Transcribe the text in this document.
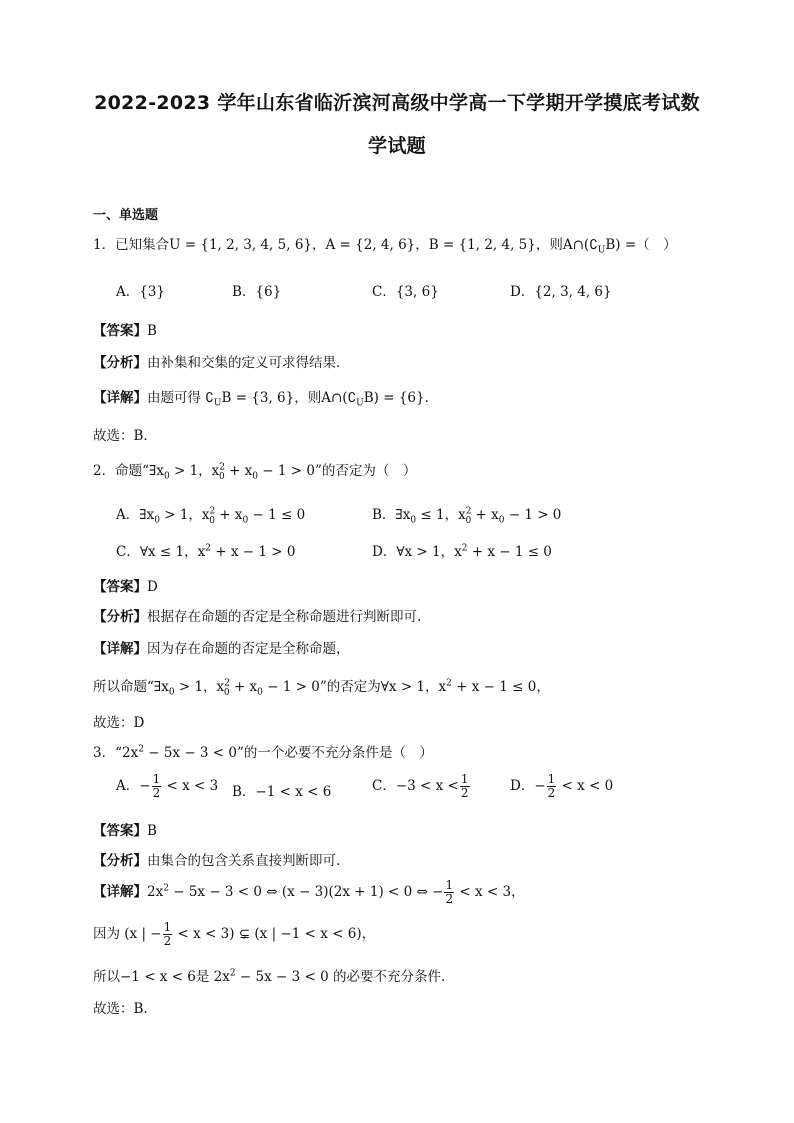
2022-2023 学年山东省临沂滨河高级中学高一下学期开学摸底考试数
学试题
一、单选题
1．已知集合U = {1, 2, 3, 4, 5, 6}，A = {2, 4, 6}，B = {1, 2, 4, 5}，则$A\cap(∁_UB)$ =（　）
A．{3}	B．{6}	C．{3, 6}	D．{2, 3, 4, 6}
【答案】B
【分析】由补集和交集的定义可求得结果．
【详解】由题可得 $∁_UB = \{3$, 6}，则$A\cap(∁_UB) = \{6\}$．
故选：B．
2．命题“$\exists x_0 > 1$，$x^2_0 + x_0 - 1 > 0$”的否定为（　）
A．$\exists x_0 > 1$，$x^2_0 + x_0 - 1 \le 0$	B．$\exists x_0 \le 1$，$x^2_0 + x_0 - 1 > 0$
C．∀x ≤ 1，$x^2 + x - 1 > 0$	D．∀x > 1，$x^2 + x - 1 \le 0$
【答案】D
【分析】根据存在命题的否定是全称命题进行判断即可.
【详解】因为存在命题的否定是全称命题，
所以命题“$\exists x_0 > 1$，$x^2_0 + x_0 - 1 > 0$”的否定为∀x > 1，$x^2 + x - 1 \le 0$，
故选：D
3．“$2x^2 - 5x - 3 < 0$”的一个必要不充分条件是（　）
A．− $\frac{1}{2} < x < 3$ B．−1 < x < 6	C．$-3 < x < \frac{1}{2}$	D．− $\frac{1}{2} < x < 0$
【答案】B
【分析】由集合的包含关系直接判断即可.
【详解】$2x^2 - 5x - 3 < 0$ ⇔ (x − 3)(2x + 1) < 0 ⇔ − $\frac{1}{2} < x < 3$，
因为 (x | − $\frac{1}{2} < x < 3$) ⊊ (x | −1 < x < 6)，
所以−1 < x < 6是 $2x^2 - 5x - 3 < 0$ 的必要不充分条件.
故选：B.
